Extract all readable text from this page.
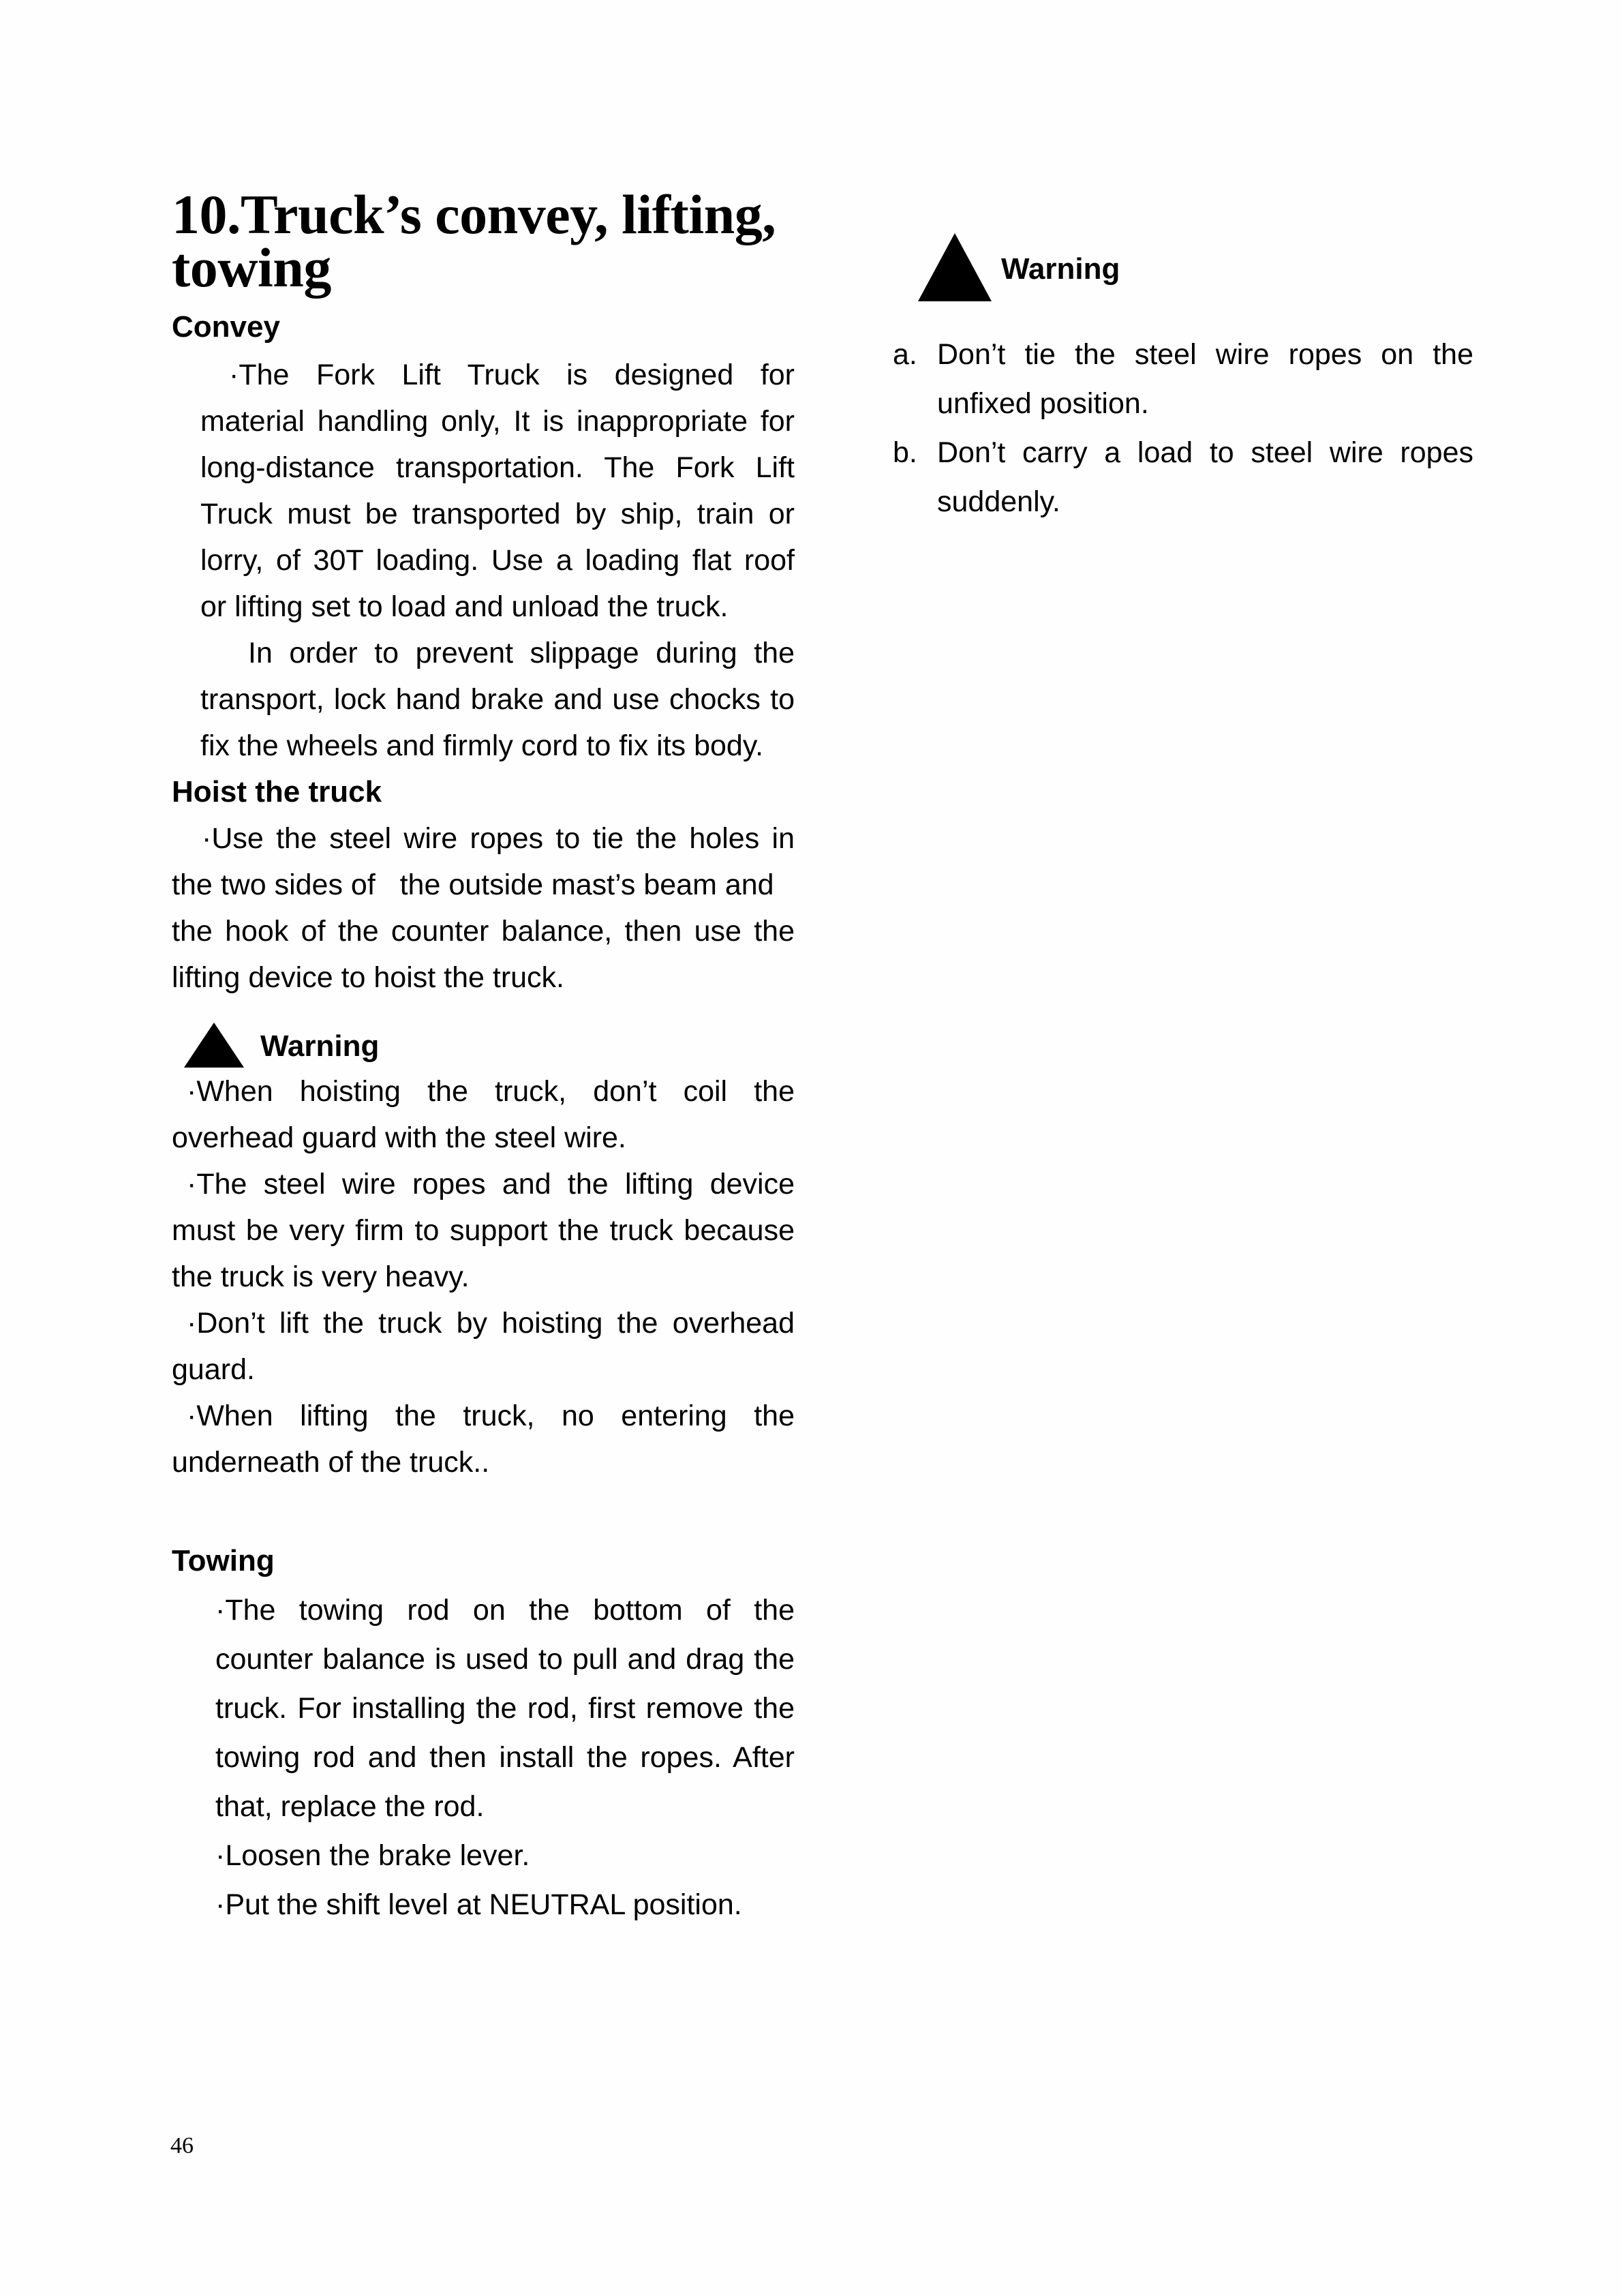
10.Truck’s convey, lifting,
towing
Convey
·The Fork Lift Truck is designed for
material handling only, It is inappropriate for
long-distance transportation. The Fork Lift
Truck must be transported by ship, train or
lorry, of 30T loading. Use a loading flat roof
or lifting set to load and unload the truck.
In order to prevent slippage during the
transport, lock hand brake and use chocks to
fix the wheels and firmly cord to fix its body.
Hoist the truck
·Use the steel wire ropes to tie the holes in
the two sides of   the outside mast’s beam and
the hook of the counter balance, then use the
lifting device to hoist the truck.
Warning
·When hoisting the truck, don’t coil the
overhead guard with the steel wire.
·The steel wire ropes and the lifting device
must be very firm to support the truck because
the truck is very heavy.
·Don’t lift the truck by hoisting the overhead
guard.
·When lifting the truck, no entering the
underneath of the truck..
Towing
·The towing rod on the bottom of the
counter balance is used to pull and drag the
truck. For installing the rod, first remove the
towing rod and then install the ropes. After
that, replace the rod.
·Loosen the brake lever.
·Put the shift level at NEUTRAL position.
Warning
a. Don’t tie the steel wire ropes on the
unfixed position.
b. Don’t carry a load to steel wire ropes
suddenly.
46
